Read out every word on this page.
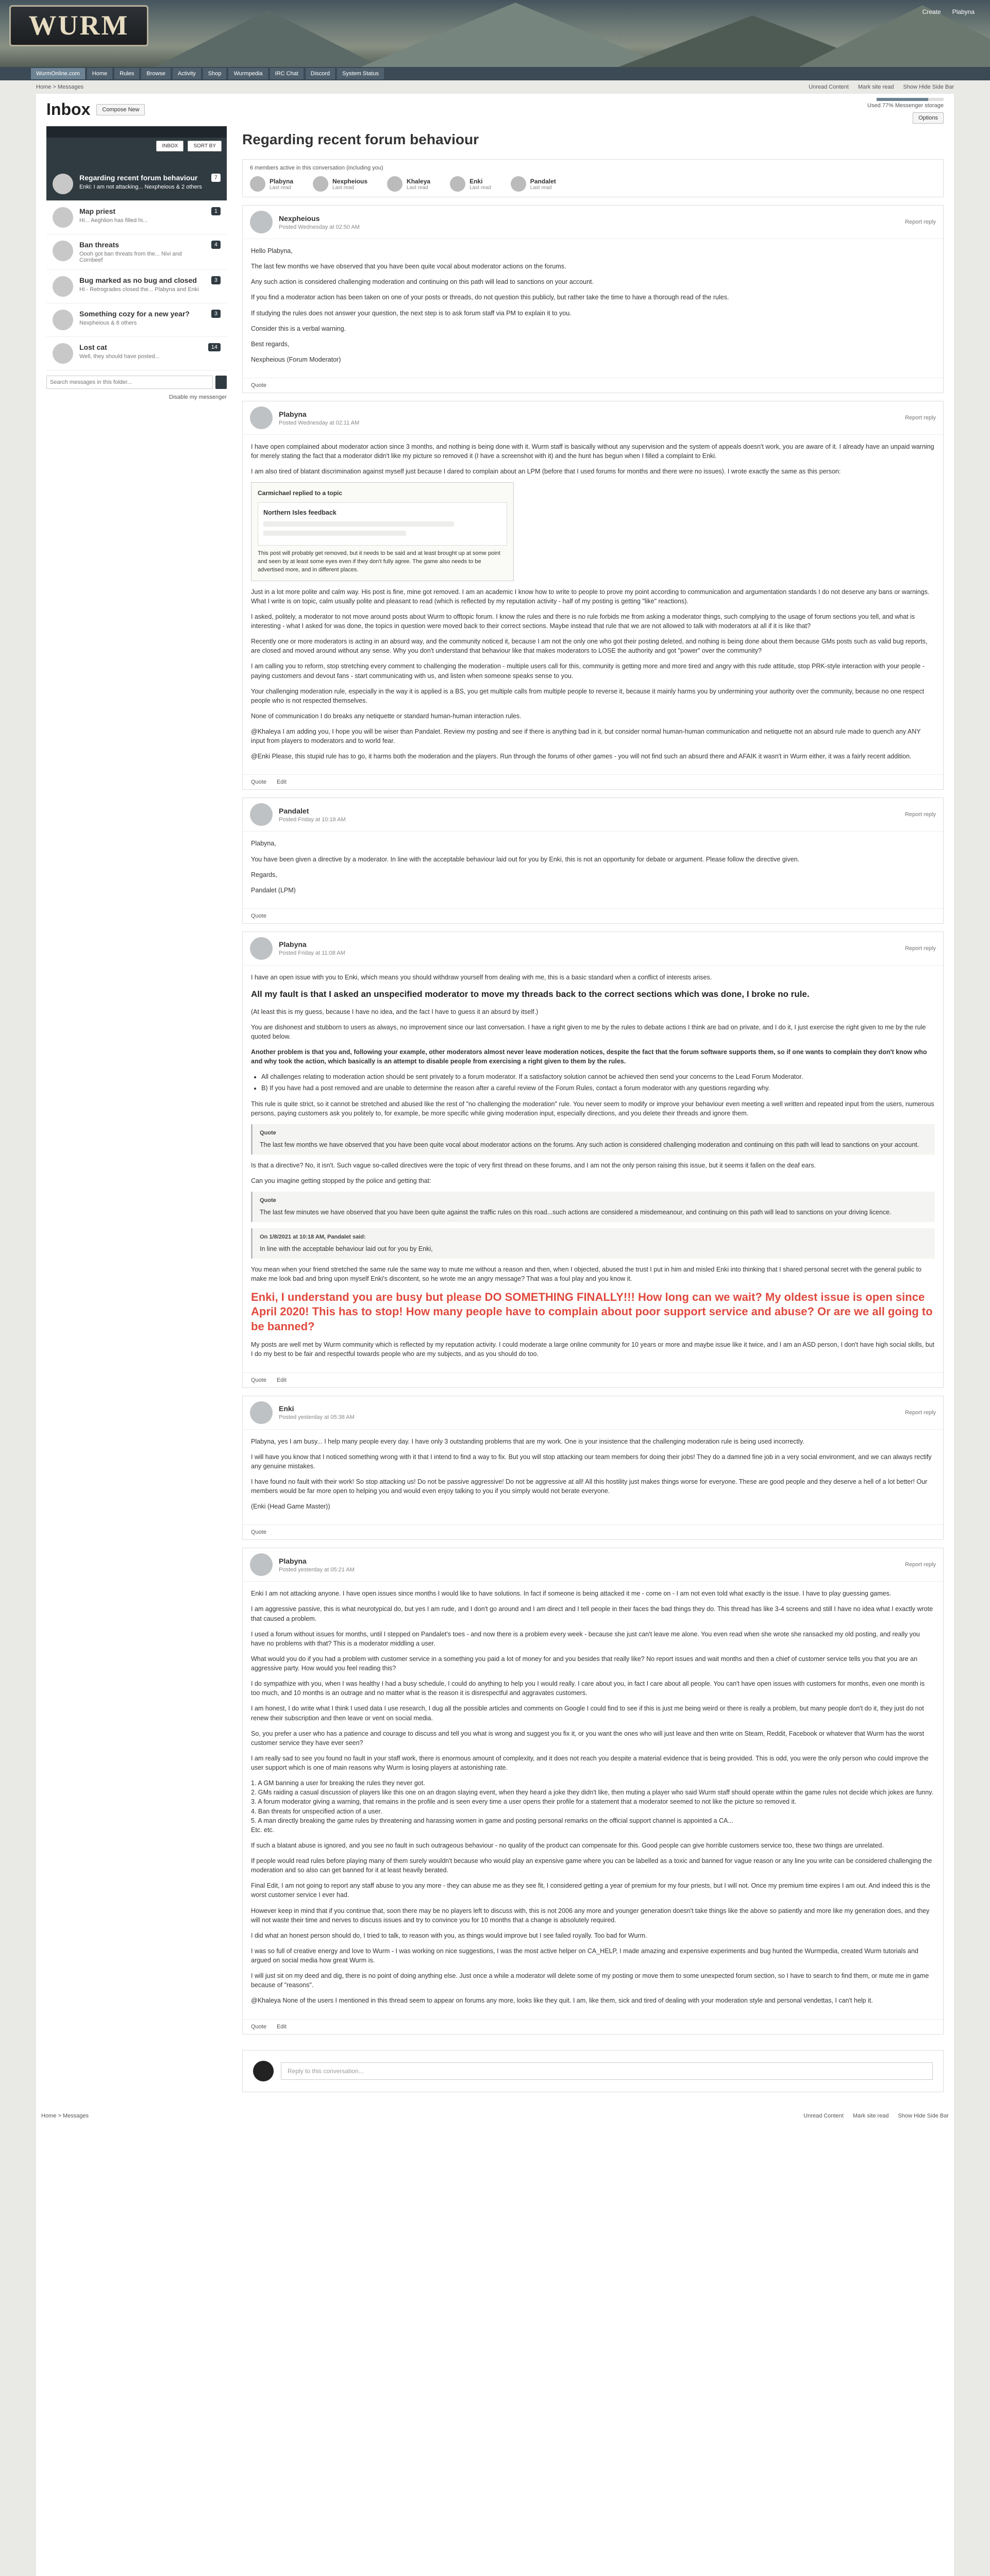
WURM	Create Plabyna
WurmOnline.com	Home	Rules	Browse	Activity	Shop	Wurmpedia	IRC Chat	Discord	System Status
Home > Messages	Unread Content Mark site read Show Hide Side Bar
Inbox	Compose New
Used 77% Messenger storage
Options
INBOX	SORT BY
Regarding recent forum behaviour
Enki: I am not attacking... Nexpheious & 2 others
7
Map priest
Hi... Aeghlion has filled hi...
1
Ban threats
Oooh got ban threats from the... Nivi and Cornbeef
4
Bug marked as no bug and closed
Hi - Retrogrades closed the... Plabyna and Enki
3
Something cozy for a new year?
Nexpheious & 8 others
3
Lost cat
Well, they should have posted...
14
Search messages in this folder...
Disable my messenger
Regarding recent forum behaviour
6 members active in this conversation (including you)
Plabyna
Last read
Nexpheious
Last read
Khaleya
Last read
Enki
Last read
Pandalet
Last read
Nexpheious
Posted Wednesday at 02:50 AM
Report reply

Hello Plabyna,

The last few months we have observed that you have been quite vocal about moderator actions on the forums.

Any such action is considered challenging moderation and continuing on this path will lead to sanctions on your account.

If you find a moderator action has been taken on one of your posts or threads, do not question this publicly, but rather take the time to have a thorough read of the rules.

If studying the rules does not answer your question, the next step is to ask forum staff via PM to explain it to you.

Consider this is a verbal warning.

Best regards,

Nexpheious (Forum Moderator)

Quote
Plabyna
Posted Wednesday at 02:11 AM
Report reply

I have open complained about moderator action since 3 months, and nothing is being done with it. Wurm staff is basically without any supervision and the system of appeals doesn't work, you are aware of it. I already have an unpaid warning for merely stating the fact that a moderator didn't like my picture so removed it (I have a screenshot with it) and the hunt has begun when I filled a complaint to Enki.

I am also tired of blatant discrimination against myself just because I dared to complain about an LPM (before that I used forums for months and there were no issues). I wrote exactly the same as this person:

Carmichael replied to a topic
Northern Isles feedback
This post will probably get removed, but it needs to be said and at least brought up at some point and seen by at least some eyes even if they don't fully agree. The game also needs to be advertised more, and in different places.

Just in a lot more polite and calm way. His post is fine, mine got removed. I am an academic I know how to write to people to prove my point according to communication and argumentation standards I do not deserve any bans or warnings. What I write is on topic, calm usually polite and pleasant to read (which is reflected by my reputation activity - half of my posting is getting "like" reactions).

I asked, politely, a moderator to not move around posts about Wurm to offtopic forum. I know the rules and there is no rule forbids me from asking a moderator things, such complying to the usage of forum sections you tell, and what is interesting - what I asked for was done, the topics in question were moved back to their correct sections. Maybe instead that rule that we are not allowed to talk with moderators at all if it is like that?

Recently one or more moderators is acting in an absurd way, and the community noticed it, because I am not the only one who got their posting deleted, and nothing is being done about them because GMs posts such as valid bug reports, are closed and moved around without any sense. Why you don't understand that behaviour like that makes moderators to LOSE the authority and got "power" over the community?

I am calling you to reform, stop stretching every comment to challenging the moderation - multiple users call for this, community is getting more and more tired and angry with this rude attitude, stop PRK-style interaction with your people - paying customers and devout fans - start communicating with us, and listen when someone speaks sense to you.

Your challenging moderation rule, especially in the way it is applied is a BS, you get multiple calls from multiple people to reverse it, because it mainly harms you by undermining your authority over the community, because no one respect people who is not respected themselves.

None of communication I do breaks any netiquette or standard human-human interaction rules.

@Khaleya I am adding you, I hope you will be wiser than Pandalet. Review my posting and see if there is anything bad in it, but consider normal human-human communication and netiquette not an absurd rule made to quench any ANY input from players to moderators and to world fear.

@Enki Please, this stupid rule has to go, it harms both the moderation and the players. Run through the forums of other games - you will not find such an absurd there and AFAIK it wasn't in Wurm either, it was a fairly recent addition.

Quote Edit
Pandalet
Posted Friday at 10:18 AM
Report reply

Plabyna,

You have been given a directive by a moderator. In line with the acceptable behaviour laid out for you by Enki, this is not an opportunity for debate or argument. Please follow the directive given.

Regards,

Pandalet (LPM)

Quote
Plabyna
Posted Friday at 11:08 AM
Report reply

I have an open issue with you to Enki, which means you should withdraw yourself from dealing with me, this is a basic standard when a conflict of interests arises.

All my fault is that I asked an unspecified moderator to move my threads back to the correct sections which was done, I broke no rule.

(At least this is my guess, because I have no idea, and the fact I have to guess it an absurd by itself.)

You are dishonest and stubborn to users as always, no improvement since our last conversation. I have a right given to me by the rules to debate actions I think are bad on private, and I do it, I just exercise the right given to me by the rule quoted below.

Another problem is that you and, following your example, other moderators almost never leave moderation notices, despite the fact that the forum software supports them, so if one wants to complain they don't know who and why took the action, which basically is an attempt to disable people from exercising a right given to them by the rules.

• All challenges relating to moderation action should be sent privately to a forum moderator. If a satisfactory solution cannot be achieved then send your concerns to the Lead Forum Moderator.
• B) If you have had a post removed and are unable to determine the reason after a careful review of the Forum Rules, contact a forum moderator with any questions regarding why.

This rule is quite strict, so it cannot be stretched and abused like the rest of "no challenging the moderation" rule. You never seem to modify or improve your behaviour even meeting a well written and repeated input from the users, numerous persons, paying customers ask you politely to, for example, be more specific while giving moderation input, especially directions, and you delete their threads and ignore them.

Quote
The last few months we have observed that you have been quite vocal about moderator actions on the forums. Any such action is considered challenging moderation and continuing on this path will lead to sanctions on your account.

Is that a directive? No, it isn't. Such vague so-called directives were the topic of very first thread on these forums, and I am not the only person raising this issue, but it seems it fallen on the deaf ears.

Can you imagine getting stopped by the police and getting that:

Quote
The last few minutes we have observed that you have been quite against the traffic rules on this road...such actions are considered a misdemeanour, and continuing on this path will lead to sanctions on your driving licence.
On 1/8/2021 at 10:18 AM, Pandalet said:
In line with the acceptable behaviour laid out for you by Enki,

You mean when your friend stretched the same rule the same way to mute me without a reason and then, when I objected, abused the trust I put in him and misled Enki into thinking that I shared personal secret with the general public to make me look bad and bring upon myself Enki's discontent, so he wrote me an angry message? That was a foul play and you know it.

Enki, I understand you are busy but please DO SOMETHING FINALLY!!! How long can we wait? My oldest issue is open since April 2020! This has to stop! How many people have to complain about poor support service and abuse? Or are we all going to be banned?

My posts are well met by Wurm community which is reflected by my reputation activity. I could moderate a large online community for 10 years or more and maybe issue like it twice, and I am an ASD person, I don't have high social skills, but I do my best to be fair and respectful towards people who are my subjects, and as you should do too.

Quote Edit
Enki
Posted yesterday at 05:38 AM
Report reply

Plabyna, yes I am busy... I help many people every day. I have only 3 outstanding problems that are my work. One is your insistence that the challenging moderation rule is being used incorrectly.

I will have you know that I noticed something wrong with it that I intend to find a way to fix. But you will stop attacking our team members for doing their jobs! They do a damned fine job in a very social environment, and we can always rectify any genuine mistakes.

I have found no fault with their work! So stop attacking us! Do not be passive aggressive! Do not be aggressive at all! All this hostility just makes things worse for everyone. These are good people and they deserve a hell of a lot better! Our members would be far more open to helping you and would even enjoy talking to you if you simply would not berate everyone.

(Enki (Head Game Master))

Quote
Plabyna
Posted yesterday at 05:21 AM
Report reply

Enki I am not attacking anyone. I have open issues since months I would like to have solutions. In fact if someone is being attacked it me - come on - I am not even told what exactly is the issue. I have to play guessing games.

I am aggressive passive, this is what neurotypical do, but yes I am rude, and I don't go around and I am direct and I tell people in their faces the bad things they do. This thread has like 3-4 screens and still I have no idea what I exactly wrote that caused a problem.

I used a forum without issues for months, until I stepped on Pandalet's toes - and now there is a problem every week - because she just can't leave me alone. You even read when she wrote she ransacked my old posting, and really you have no problems with that? This is a moderator middling a user.

What would you do if you had a problem with customer service in a something you paid a lot of money for and you besides that really like? No report issues and wait months and then a chief of customer service tells you that you are an aggressive party. How would you feel reading this?

I do sympathize with you, when I was healthy I had a busy schedule, I could do anything to help you I would really. I care about you, in fact I care about all people. You can't have open issues with customers for months, even one month is too much, and 10 months is an outrage and no matter what is the reason it is disrespectful and aggravates customers.

I am honest, I do write what I think I used data I use research, I dug all the possible articles and comments on Google I could find to see if this is just me being weird or there is really a problem, but many people don't do it, they just do not renew their subscription and then leave or vent on social media.

So, you prefer a user who has a patience and courage to discuss and tell you what is wrong and suggest you fix it, or you want the ones who will just leave and then write on Steam, Reddit, Facebook or whatever that Wurm has the worst customer service they have ever seen?

I am really sad to see you found no fault in your staff work, there is enormous amount of complexity, and it does not reach you despite a material evidence that is being provided. This is odd, you were the only person who could improve the user support which is one of main reasons why Wurm is losing players at astonishing rate.

1. A GM banning a user for breaking the rules they never got.
2. GMs raiding a casual discussion of players like this one on an dragon slaying event, when they heard a joke they didn't like, then muting a player who said Wurm staff should operate within the game rules not decide which jokes are funny.
3. A forum moderator giving a warning, that remains in the profile and is seen every time a user opens their profile for a statement that a moderator seemed to not like the picture so removed it.
4. Ban threats for unspecified action of a user.
5. A man directly breaking the game rules by threatening and harassing women in game and posting personal remarks on the official support channel is appointed a CA...
Etc. etc.

If such a blatant abuse is ignored, and you see no fault in such outrageous behaviour - no quality of the product can compensate for this. Good people can give horrible customers service too, these two things are unrelated.

If people would read rules before playing many of them surely wouldn't because who would play an expensive game where you can be labelled as a toxic and banned for vague reason or any line you write can be considered challenging the moderation and so also can get banned for it at least heavily berated.

Final Edit, I am not going to report any staff abuse to you any more - they can abuse me as they see fit, I considered getting a year of premium for my four priests, but I will not. Once my premium time expires I am out. And indeed this is the worst customer service I ever had.

However keep in mind that if you continue that, soon there may be no players left to discuss with, this is not 2006 any more and younger generation doesn't take things like the above so patiently and more like my generation does, and they will not waste their time and nerves to discuss issues and try to convince you for 10 months that a change is absolutely required.

I did what an honest person should do, I tried to talk, to reason with you, as things would improve but I see failed royally. Too bad for Wurm.

I was so full of creative energy and love to Wurm - I was working on nice suggestions, I was the most active helper on CA_HELP, I made amazing and expensive experiments and bug hunted the Wurmpedia, created Wurm tutorials and argued on social media how great Wurm is.

I will just sit on my deed and dig, there is no point of doing anything else. Just once a while a moderator will delete some of my posting or move them to some unexpected forum section, so I have to search to find them, or mute me in game because of "reasons".

@Khaleya None of the users I mentioned in this thread seem to appear on forums any more, looks like they quit. I am, like them, sick and tired of dealing with your moderation style and personal vendettas, I can't help it.

Quote Edit
Reply to this conversation...
Home > Messages	Unread Content Mark site read Show Hide Side Bar
